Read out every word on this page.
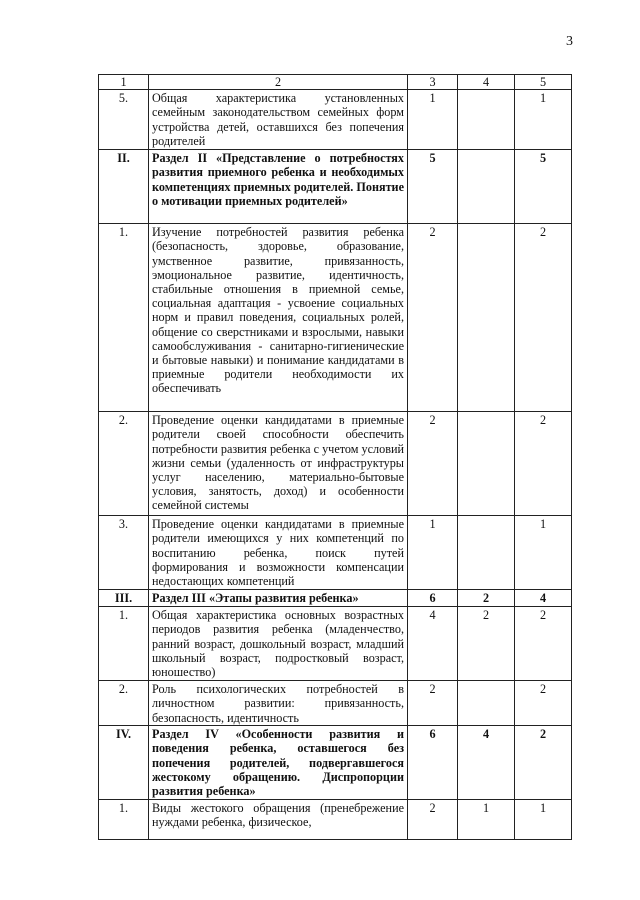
3
1	2	3	4	5
5.	Общая характеристика установленных семейным законодательством семейных форм устройства детей, оставшихся без попечения родителей	1		1
II.	Раздел II «Представление о потребностях развития приемного ребенка и необходимых компетенциях приемных родителей. Понятие о мотивации приемных родителей»	5		5
1.	Изучение потребностей развития ребенка (безопасность, здоровье, образование, умственное развитие, привязанность, эмоциональное развитие, идентичность, стабильные отношения в приемной семье, социальная адаптация - усвоение социальных норм и правил поведения, социальных ролей, общение со сверстниками и взрослыми, навыки самообслуживания - санитарно-гигиенические и бытовые навыки) и понимание кандидатами в приемные родители необходимости их обеспечивать	2		2
2.	Проведение оценки кандидатами в приемные родители своей способности обеспечить потребности развития ребенка с учетом условий жизни семьи (удаленность от инфраструктуры услуг населению, материально-бытовые условия, занятость, доход) и особенности семейной системы	2		2
3.	Проведение оценки кандидатами в приемные родители имеющихся у них компетенций по воспитанию ребенка, поиск путей формирования и возможности компенсации недостающих компетенций	1		1
III.	Раздел III «Этапы развития ребенка»	6	2	4
1.	Общая характеристика основных возрастных периодов развития ребенка (младенчество, ранний возраст, дошкольный возраст, младший школьный возраст, подростковый возраст, юношество)	4	2	2
2.	Роль психологических потребностей в личностном развитии: привязанность, безопасность, идентичность	2		2
IV.	Раздел IV «Особенности развития и поведения ребенка, оставшегося без попечения родителей, подвергавшегося жестокому обращению. Диспропорции развития ребенка»	6	4	2
1.	Виды жестокого обращения (пренебрежение нуждами ребенка, физическое,	2	1	1
